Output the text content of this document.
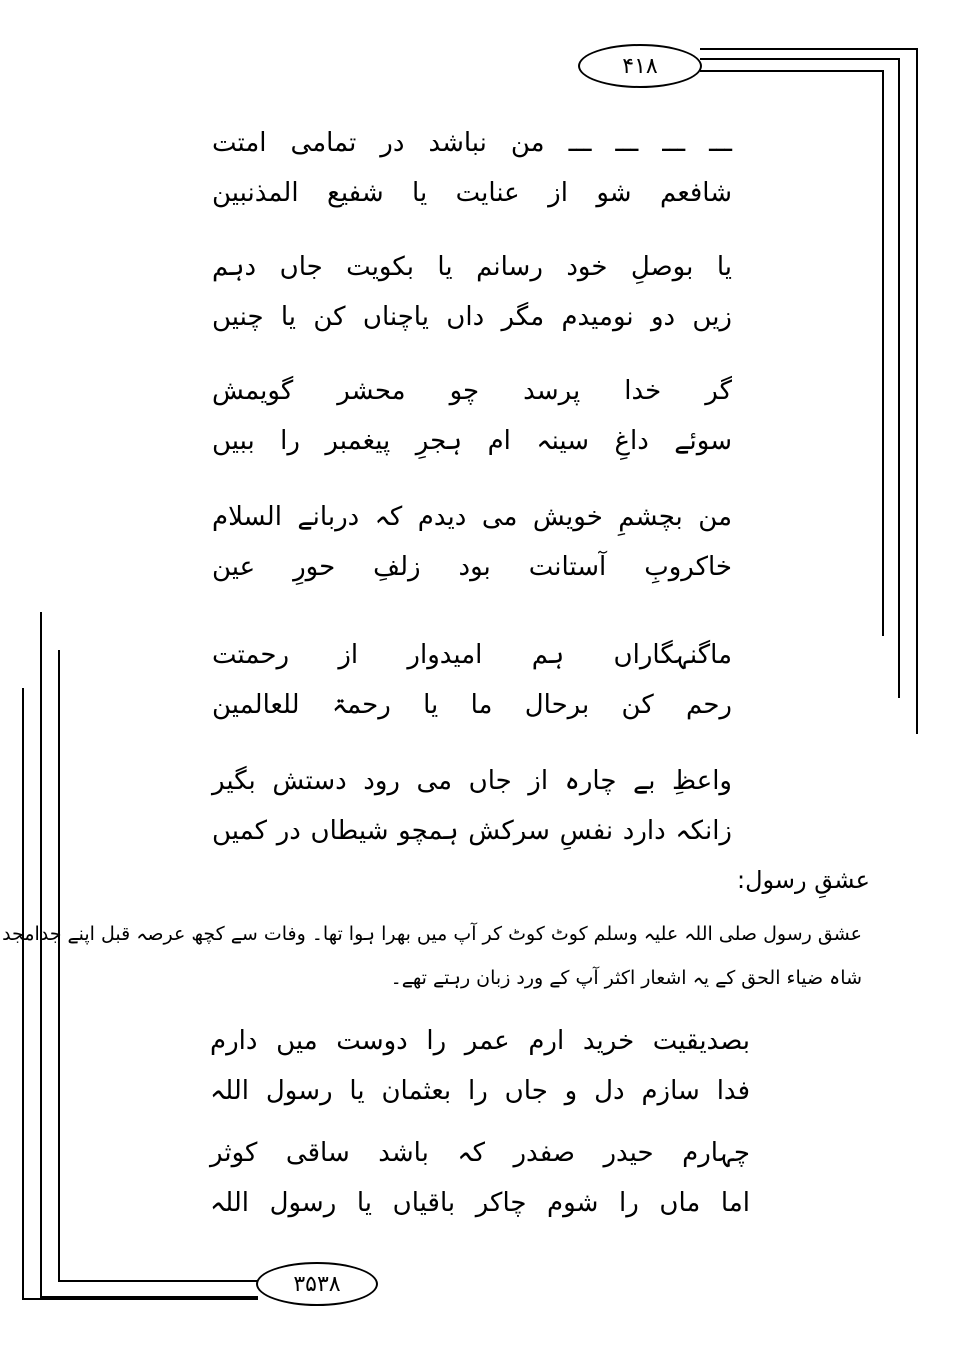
۴۱۸
۳۵۳۸
ـــ ـــ ـــ ـــ من نباشد در تمامی امتت
شافعم شو از عنایت یا شفیع المذنبین
یا بوصلِ خود رسانم یا بکویت جاں دہم
زیں دو نومیدم مگر داں یاچناں کن یا چنیں
گر خدا پرسد چو محشر گویمش
سوئے داغِ سینہ ام ہجرِ پیغمبر را ببیں
من بچشمِ خویش می دیدم کہ دربانے السلام
خاکروبِ آستانت بود زلفِ حورِ عین
ماگنہگاراں ہم امیدوار از رحمتت
رحم کن برحال ما یا رحمۃ للعالمین
واعظِ بے چارہ از جاں می رود دستش بگیر
زانکہ دارد نفسِ سرکش ہمچو شیطاں در کمیں
عشقِ رسول:
عشق رسول صلی اللہ علیہ وسلم کوٹ کوٹ کر آپ میں بھرا ہوا تھا۔ وفات سے کچھ عرصہ قبل اپنے جدامجد
شاہ ضیاء الحق کے یہ اشعار اکثر آپ کے ورد زبان رہتے تھے۔
بصدیقیت خرید ارم عمر را دوست میں دارم
فدا سازم دل و جاں را بعثمان یا رسول اللہ
چہارم حیدر صفدر کہ باشد ساقی کوثر
اما ماں را شوم چاکر باقیاں یا رسول اللہ
